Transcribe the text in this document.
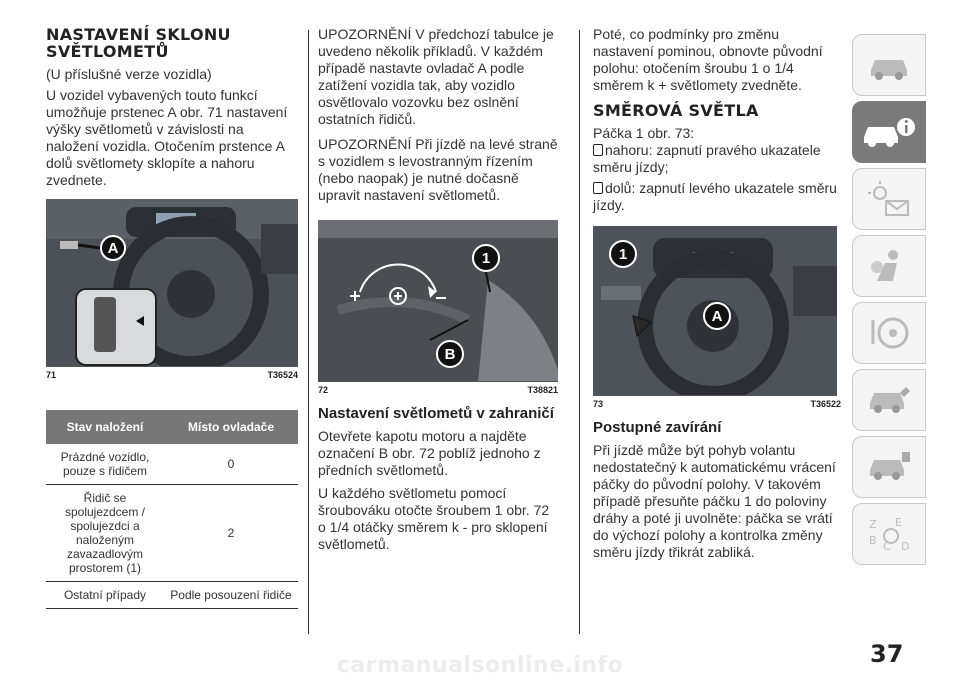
NASTAVENÍ SKLONU SVĚTLOMETŮ

(U příslušné verze vozidla)

U vozidel vybavených touto funkcí umožňuje prstenec A obr. 71 nastavení výšky světlometů v závislosti na naložení vozidla. Otočením prstence A dolů světlomety sklopíte a nahoru zvednete.

A
71	T36524
Stav naložení	Místo ovladače
Prázdné vozidlo, pouze s řidičem	0
Řidič se spolujezdcem / spolujezdci a naloženým zavazadlovým prostorem (1)	2
Ostatní případy	Podle posouzení řidiče

UPOZORNĚNÍ V předchozí tabulce je uvedeno několik příkladů. V každém případě nastavte ovladač A podle zatížení vozidla tak, aby vozidlo osvětlovalo vozovku bez oslnění ostatních řidičů.

UPOZORNĚNÍ Při jízdě na levé straně s vozidlem s levostranným řízením (nebo naopak) je nutné dočasně upravit nastavení světlometů.

1
B
72	T38821
Nastavení světlometů v zahraničí

Otevřete kapotu motoru a najděte označení B obr. 72 poblíž jednoho z předních světlometů.

U každého světlometu pomocí šroubováku otočte šroubem 1 obr. 72 o 1/4 otáčky směrem k - pro sklopení světlometů.

Poté, co podmínky pro změnu nastavení pominou, obnovte původní polohu: otočením šroubu 1 o 1/4 směrem k + světlomety zvedněte.

SMĚROVÁ SVĚTLA

Páčka 1 obr. 73:

nahoru: zapnutí pravého ukazatele směru jízdy;

dolů: zapnutí levého ukazatele směru jízdy.

1
A
73	T36522
Postupné zavírání

Při jízdě může být pohyb volantu nedostatečný k automatickému vrácení páčky do původní polohy. V takovém případě přesuňte páčku 1 do poloviny dráhy a poté ji uvolněte: páčka se vrátí do výchozí polohy a kontrolka změny směru jízdy třikrát zabliká.

Z E
B C D
37
carmanualsonline.info
